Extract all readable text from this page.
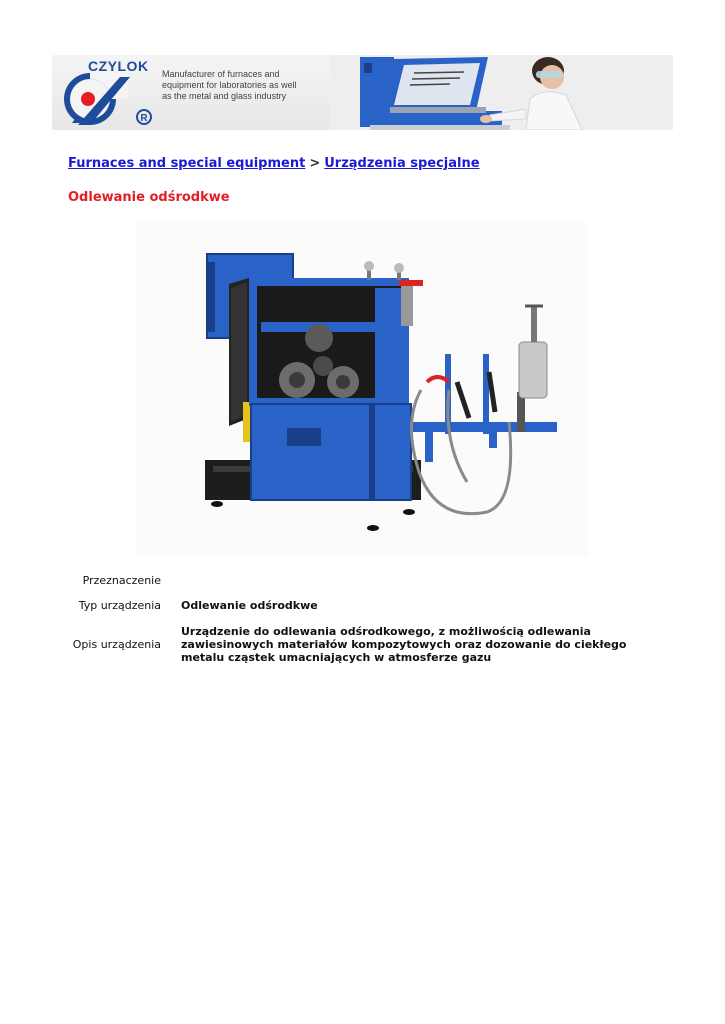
R
CZYLOK Manufacturer of furnaces and
equipment for laboratories as well
as the metal and glass industry
Furnaces and special equipment > Urządzenia specjalne
Odlewanie odśrodkwe
Przeznaczenie
Typ urządzenia Odlewanie odśrodkwe
Opis urządzenia
Urządzenie do odlewania odśrodkowego, z możliwością odlewania zawiesinowych materiałów kompozytowych oraz dozowanie do ciekłego metalu cząstek umacniających w atmosferze gazu
